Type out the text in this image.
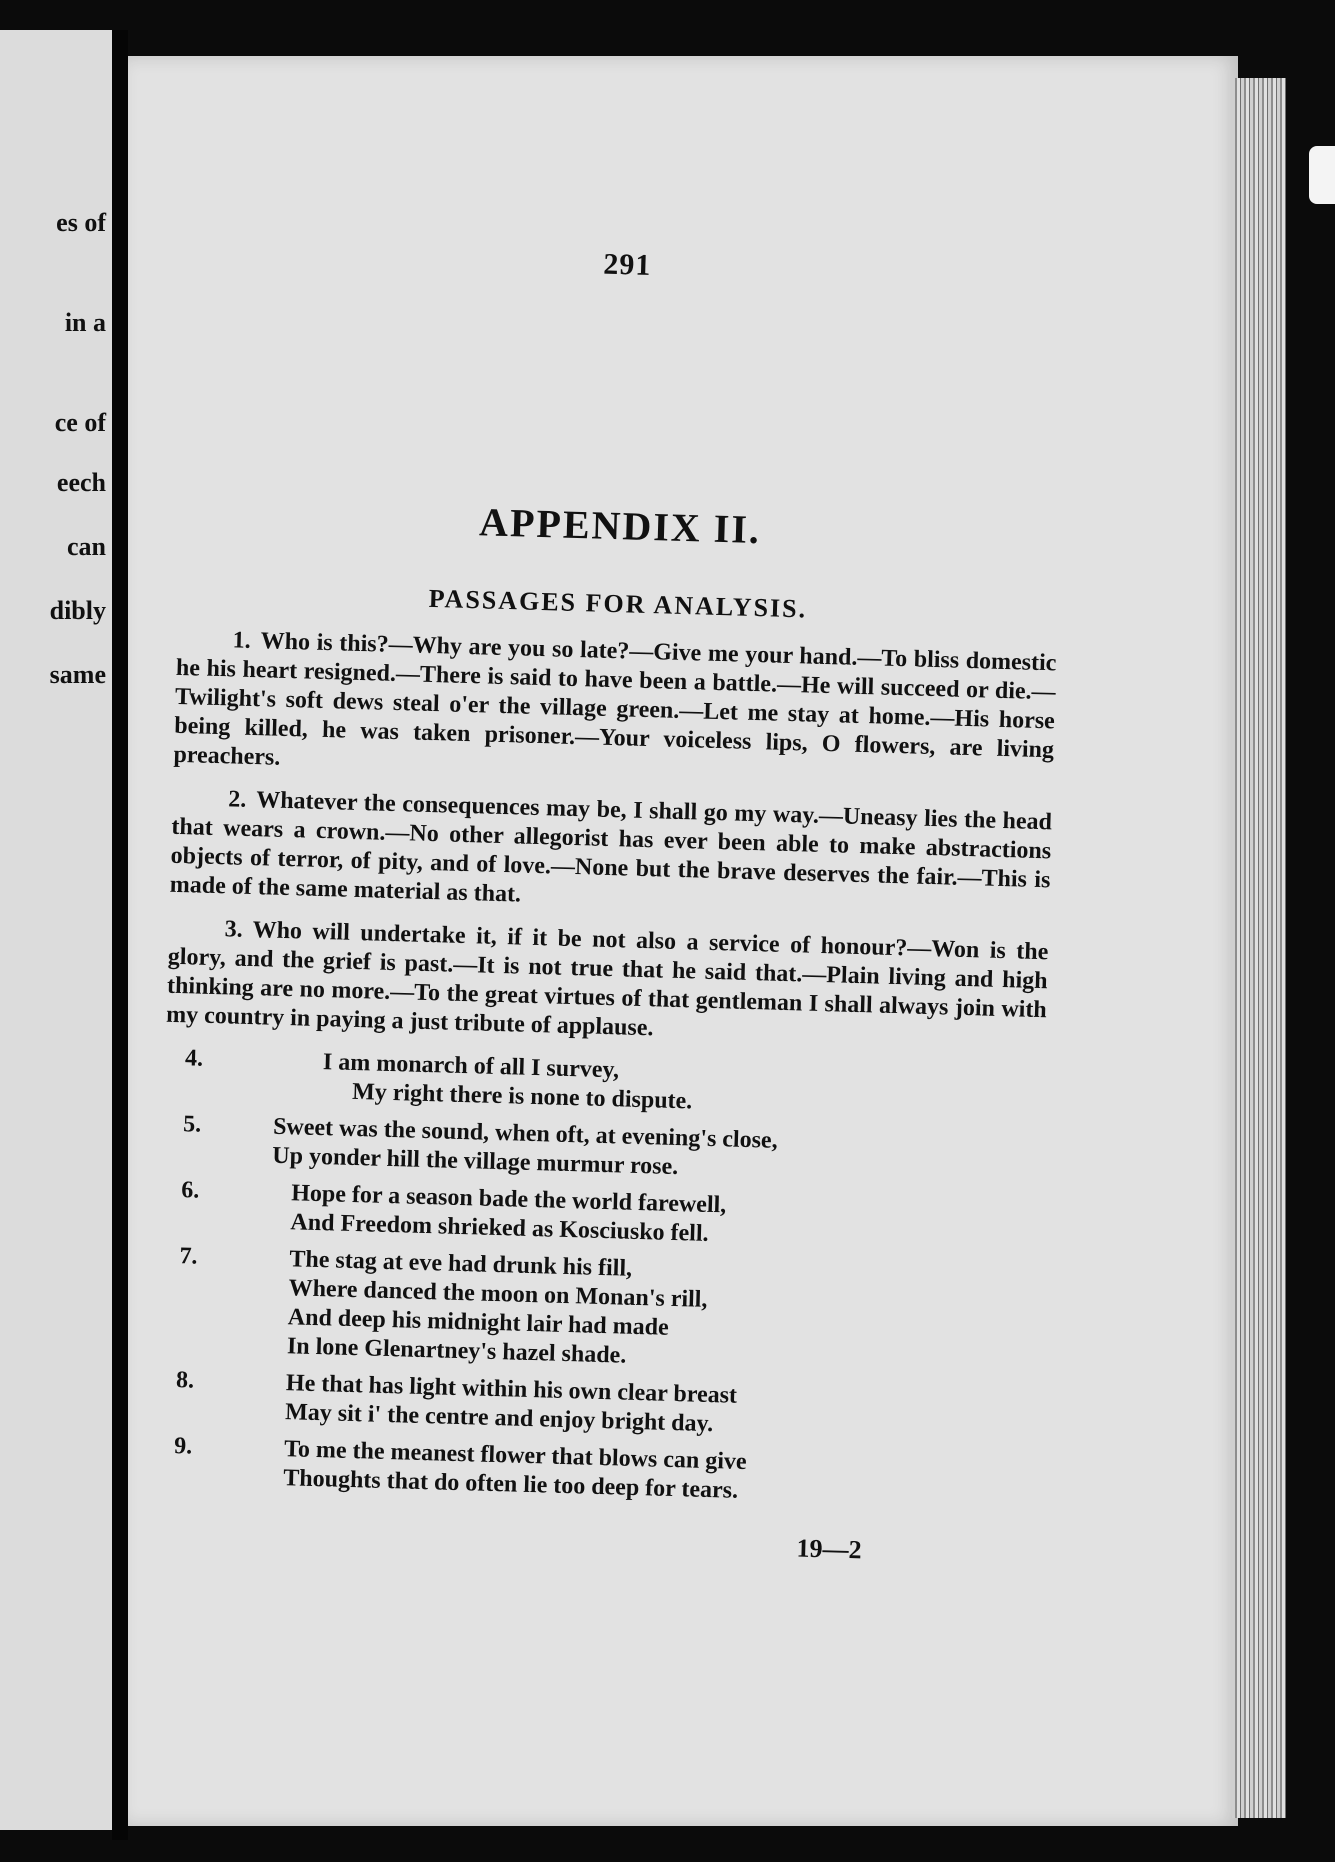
es of
in a
ce of
eech
can
dibly
same
291
APPENDIX II.
PASSAGES FOR ANALYSIS.

1. Who is this?—Why are you so late?—Give me your hand.—To bliss domestic he his heart resigned.—There is said to have been a battle.—He will succeed or die.—Twilight's soft dews steal o'er the village green.—Let me stay at home.—His horse being killed, he was taken prisoner.—Your voiceless lips, O flowers, are living preachers.

2. Whatever the consequences may be, I shall go my way.—Uneasy lies the head that wears a crown.—No other allegorist has ever been able to make abstractions objects of terror, of pity, and of love.—None but the brave deserves the fair.—This is made of the same material as that.

3. Who will undertake it, if it be not also a service of honour?—Won is the glory, and the grief is past.—It is not true that he said that.—Plain living and high thinking are no more.—To the great virtues of that gentleman I shall always join with my country in paying a just tribute of applause.

4.	I am monarch of all I survey,
My right there is none to dispute.
5.	Sweet was the sound, when oft, at evening's close,
Up yonder hill the village murmur rose.
6.	Hope for a season bade the world farewell,
And Freedom shrieked as Kosciusko fell.
7.	The stag at eve had drunk his fill,
Where danced the moon on Monan's rill,
And deep his midnight lair had made
In lone Glenartney's hazel shade.
8.	He that has light within his own clear breast
May sit i' the centre and enjoy bright day.
9.	To me the meanest flower that blows can give
Thoughts that do often lie too deep for tears.
19—2
